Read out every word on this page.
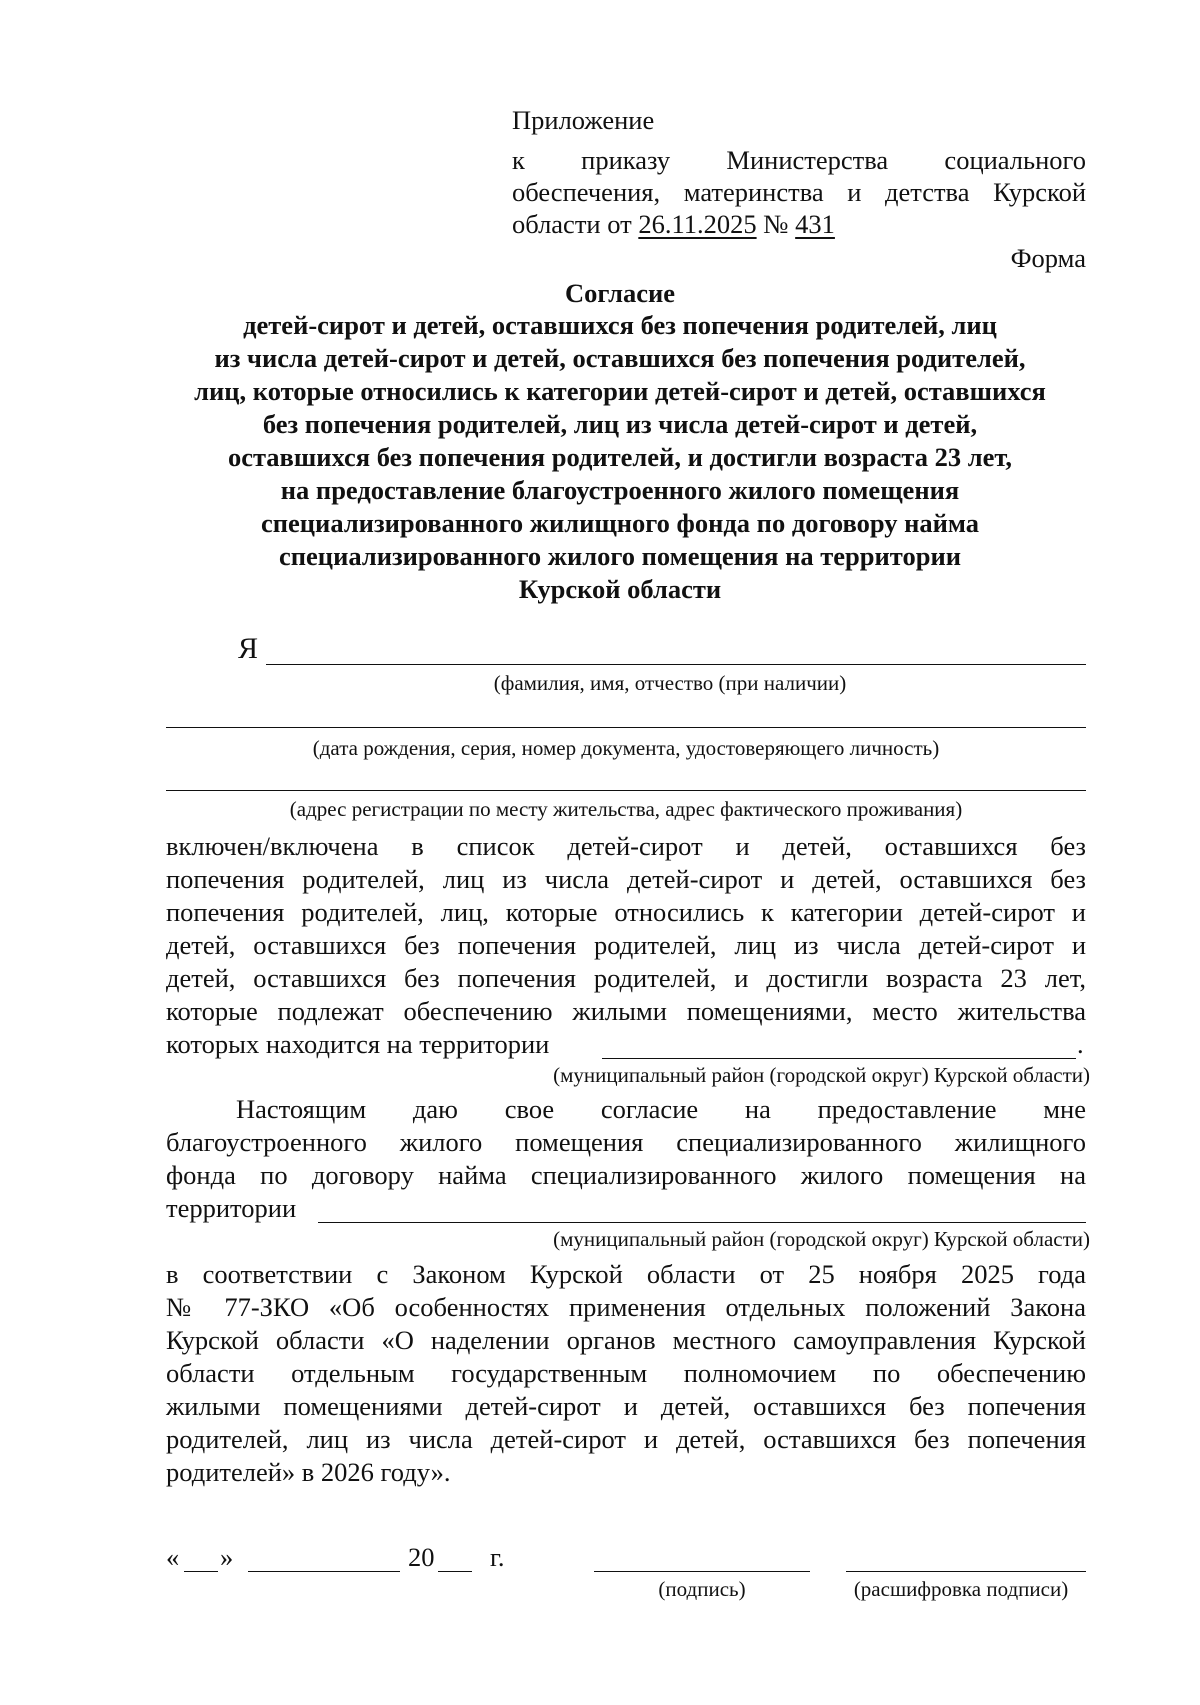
Приложение
к приказу Министерства социального
обеспечения, материнства и детства Курской
области от 26.11.2025 № 431
Форма
Согласие
детей-сирот и детей, оставшихся без попечения родителей, лиц
из числа детей-сирот и детей, оставшихся без попечения родителей,
лиц, которые относились к категории детей-сирот и детей, оставшихся
без попечения родителей, лиц из числа детей-сирот и детей,
оставшихся без попечения родителей, и достигли возраста 23 лет,
на предоставление благоустроенного жилого помещения
специализированного жилищного фонда по договору найма
специализированного жилого помещения на территории
Курской области
Я
(фамилия, имя, отчество (при наличии)
(дата рождения, серия, номер документа, удостоверяющего личность)
(адрес регистрации по месту жительства, адрес фактического проживания)
включен/включена в список детей-сирот и детей, оставшихся без
попечения родителей, лиц из числа детей-сирот и детей, оставшихся без
попечения родителей, лиц, которые относились к категории детей-сирот и
детей, оставшихся без попечения родителей, лиц из числа детей-сирот и
детей, оставшихся без попечения родителей, и достигли возраста 23 лет,
которые подлежат обеспечению жилыми помещениями, место жительства
которых находится на территории	.
(муниципальный район (городской округ) Курской области)
Настоящим даю свое согласие на предоставление мне
благоустроенного жилого помещения специализированного жилищного
фонда по договору найма специализированного жилого помещения на
территории
(муниципальный район (городской округ) Курской области)
в соответствии с Законом Курской области от 25 ноября 2025 года
№ 77-ЗКО «Об особенностях применения отдельных положений Закона
Курской области «О наделении органов местного самоуправления Курской
области отдельным государственным полномочием по обеспечению
жилыми помещениями детей-сирот и детей, оставшихся без попечения
родителей, лиц из числа детей-сирот и детей, оставшихся без попечения
родителей» в 2026 году».
« »	20 г.
(подпись)	(расшифровка подписи)
